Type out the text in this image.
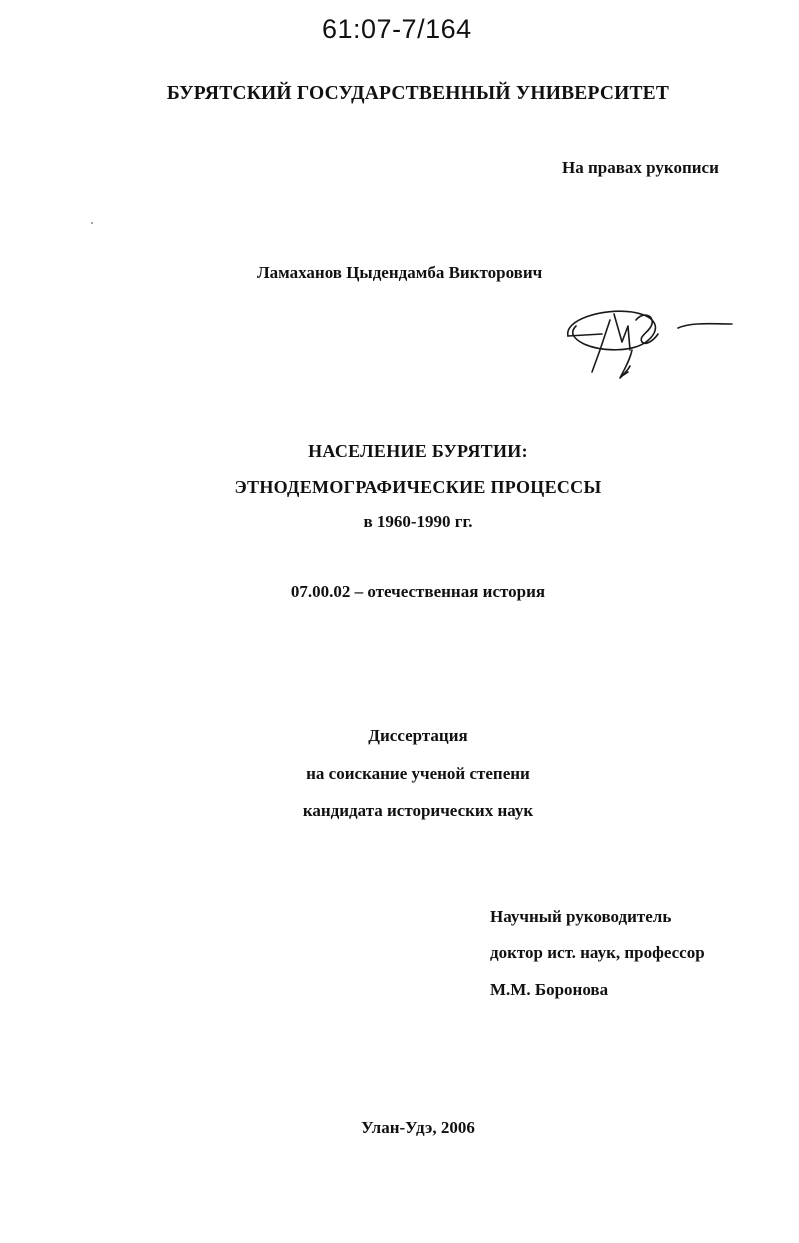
61:07-7/164
БУРЯТСКИЙ ГОСУДАРСТВЕННЫЙ УНИВЕРСИТЕТ
На правах рукописи
Ламаханов Цыдендамба Викторович
НАСЕЛЕНИЕ БУРЯТИИ:
ЭТНОДЕМОГРАФИЧЕСКИЕ ПРОЦЕССЫ
в 1960-1990 гг.
07.00.02 – отечественная история
Диссертация
на соискание ученой степени
кандидата исторических наук
Научный руководитель
доктор ист. наук, профессор
М.М. Боронова
Улан-Удэ, 2006
